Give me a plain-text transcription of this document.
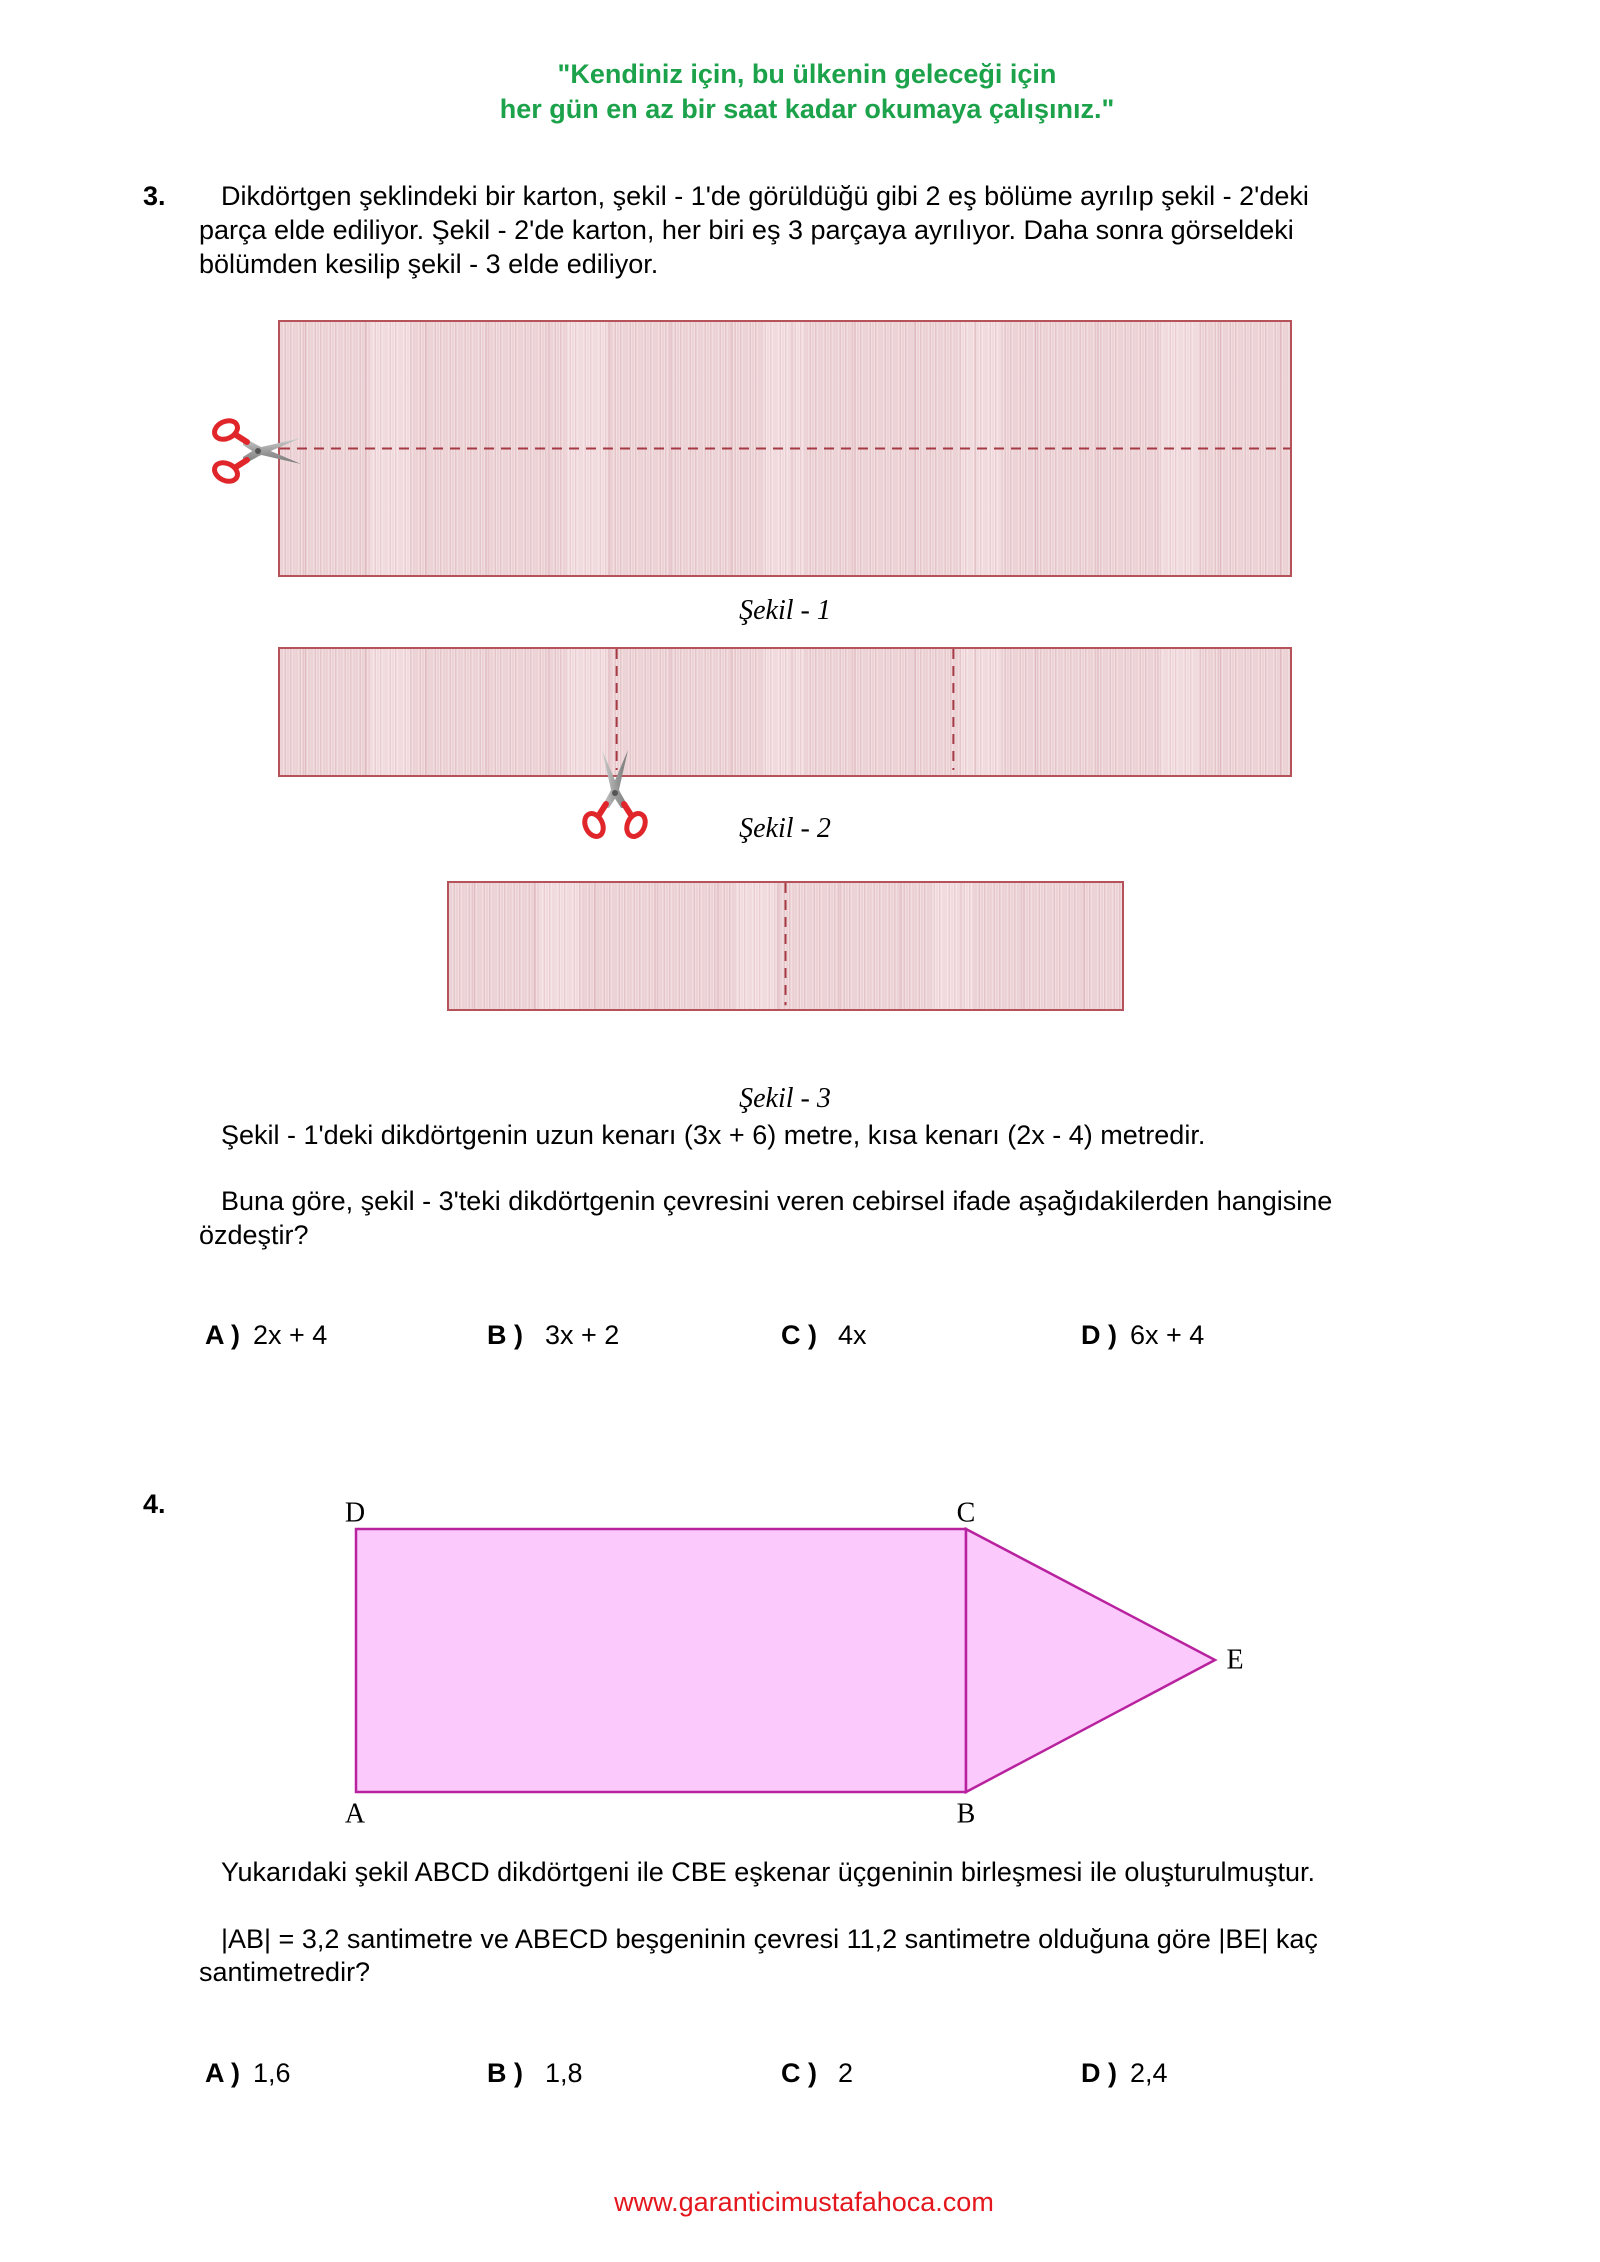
"Kendiniz için, bu ülkenin geleceği için
her gün en az bir saat kadar okumaya çalışınız."
3. Dikdörtgen şeklindeki bir karton, şekil - 1'de görüldüğü gibi 2 eş bölüme ayrılıp şekil - 2'deki
parça elde ediliyor. Şekil - 2'de karton, her biri eş 3 parçaya ayrılıyor. Daha sonra görseldeki
bölümden kesilip şekil - 3 elde ediliyor.
Şekil - 1
Şekil - 2
Şekil - 3
Şekil - 1'deki dikdörtgenin uzun kenarı (3x + 6) metre, kısa kenarı (2x - 4) metredir.
Buna göre, şekil - 3'teki dikdörtgenin çevresini veren cebirsel ifade aşağıdakilerden hangisine
özdeştir?
A ) 2x + 4	B ) 3x + 2	C ) 4x	D ) 6x + 4
4.	D	C
E
A	B
Yukarıdaki şekil ABCD dikdörtgeni ile CBE eşkenar üçgeninin birleşmesi ile oluşturulmuştur.
|AB| = 3,2 santimetre ve ABECD beşgeninin çevresi 11,2 santimetre olduğuna göre |BE| kaç
santimetredir?
A ) 1,6	B ) 1,8	C ) 2	D ) 2,4
www.garanticimustafahoca.com
